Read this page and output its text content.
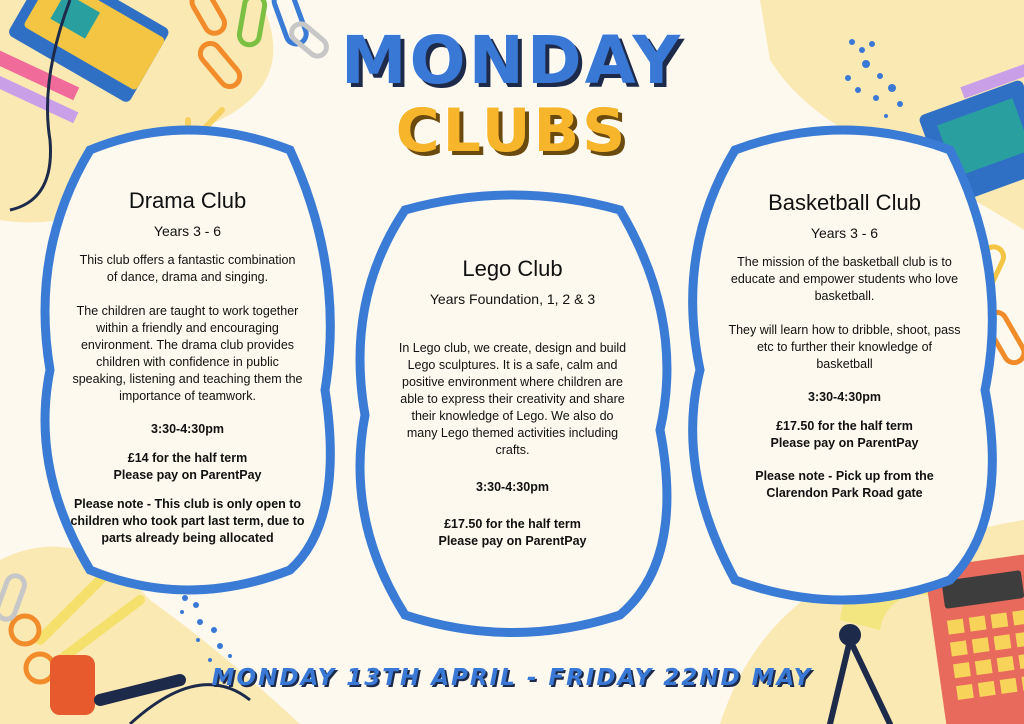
MONDAY
CLUBS
Drama Club

Years 3 - 6

This club offers a fantastic combination
of dance, drama and singing.

The children are taught to work together
within a friendly and encouraging
environment. The drama club provides
children with confidence in public
speaking, listening and teaching them the
importance of teamwork.

3:30-4:30pm

£14 for the half term
Please pay on ParentPay

Please note - This club is only open to
children who took part last term, due to
parts already being allocated

Lego Club

Years Foundation, 1, 2 & 3

In Lego club, we create, design and build
Lego sculptures. It is a safe, calm and
positive environment where children are
able to express their creativity and share
their knowledge of Lego. We also do
many Lego themed activities including
crafts.

3:30-4:30pm

£17.50 for the half term
Please pay on ParentPay

Basketball Club

Years 3 - 6

The mission of the basketball club is to
educate and empower students who love
basketball.

They will learn how to dribble, shoot, pass
etc to further their knowledge of
basketball

3:30-4:30pm

£17.50 for the half term
Please pay on ParentPay

Please note - Pick up from the
Clarendon Park Road gate

MONDAY 13TH APRIL - FRIDAY 22ND MAY
